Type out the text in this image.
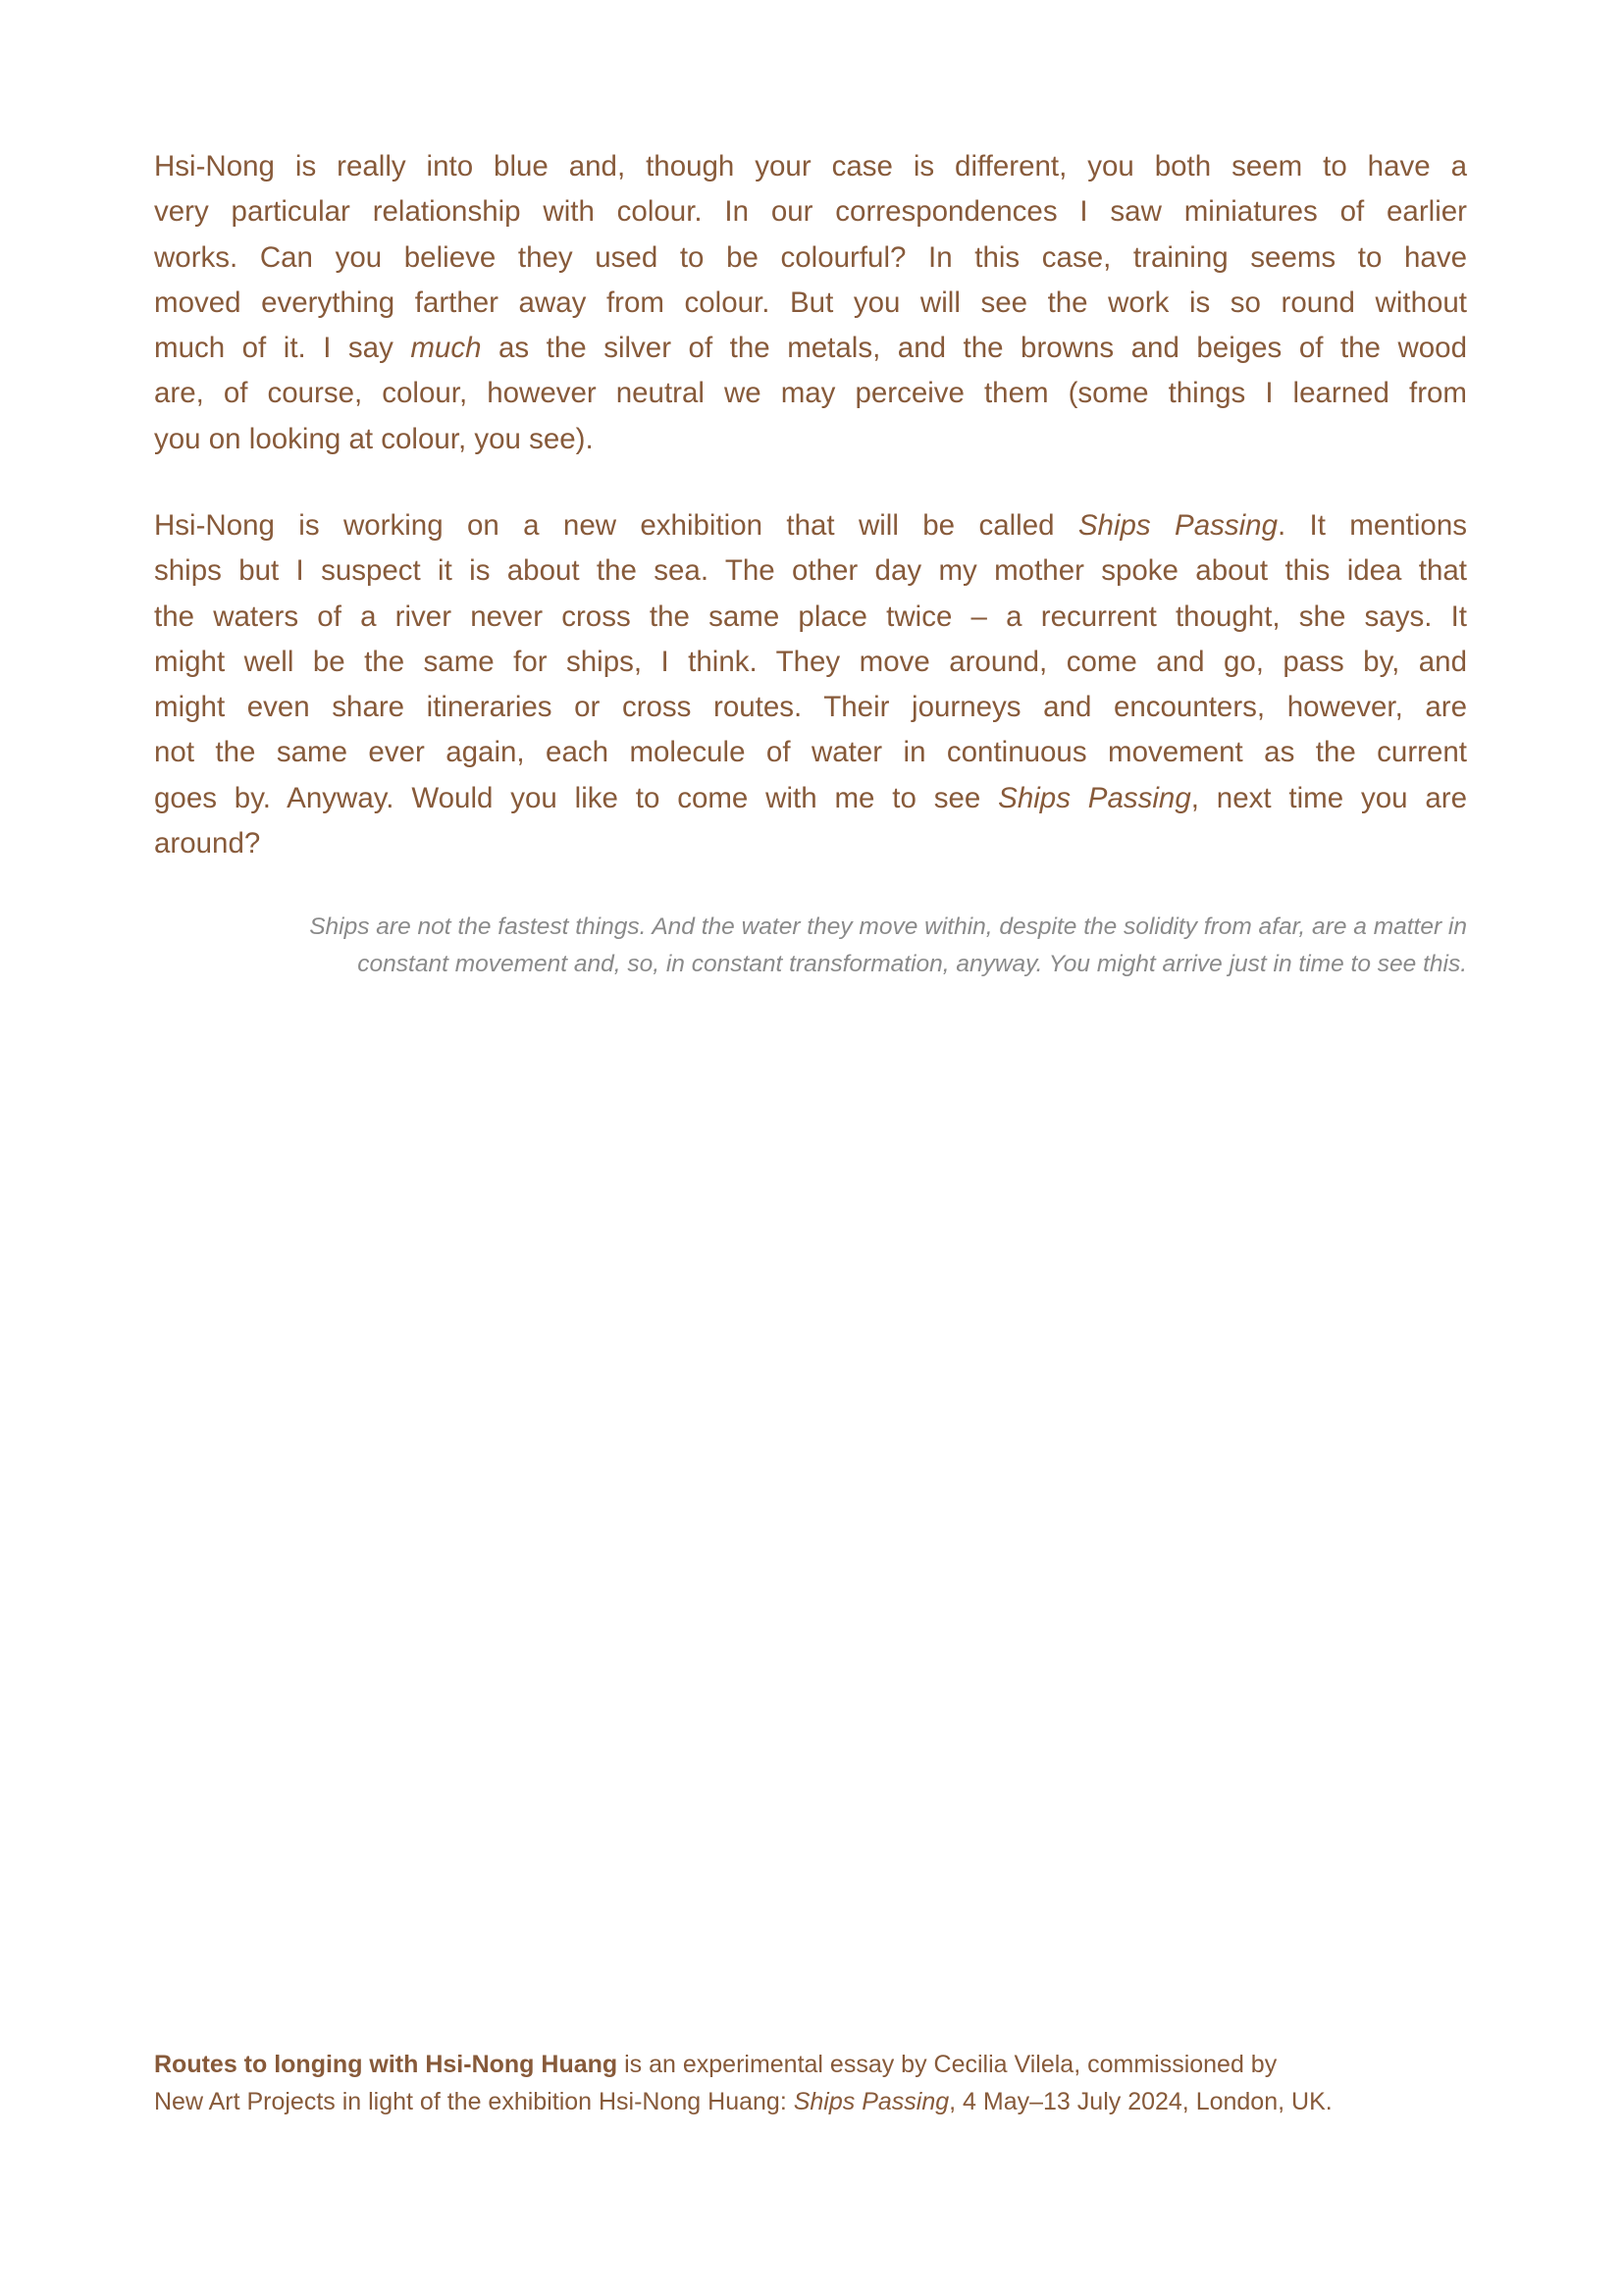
Hsi-Nong is really into blue and, though your case is different, you both seem to have a
very particular relationship with colour. In our correspondences I saw miniatures of earlier
works. Can you believe they used to be colourful? In this case, training seems to have
moved everything farther away from colour. But you will see the work is so round without
much of it. I say much as the silver of the metals, and the browns and beiges of the wood
are, of course, colour, however neutral we may perceive them (some things I learned from
you on looking at colour, you see).
Hsi-Nong is working on a new exhibition that will be called Ships Passing. It mentions
ships but I suspect it is about the sea. The other day my mother spoke about this idea that
the waters of a river never cross the same place twice – a recurrent thought, she says. It
might well be the same for ships, I think. They move around, come and go, pass by, and
might even share itineraries or cross routes. Their journeys and encounters, however, are
not the same ever again, each molecule of water in continuous movement as the current
goes by. Anyway. Would you like to come with me to see Ships Passing, next time you are
around?
Ships are not the fastest things. And the water they move within, despite the solidity from afar, are a matter in
constant movement and, so, in constant transformation, anyway. You might arrive just in time to see this.
Routes to longing with Hsi-Nong Huang is an experimental essay by Cecilia Vilela, commissioned by
New Art Projects in light of the exhibition Hsi-Nong Huang: Ships Passing, 4 May–13 July 2024, London, UK.
